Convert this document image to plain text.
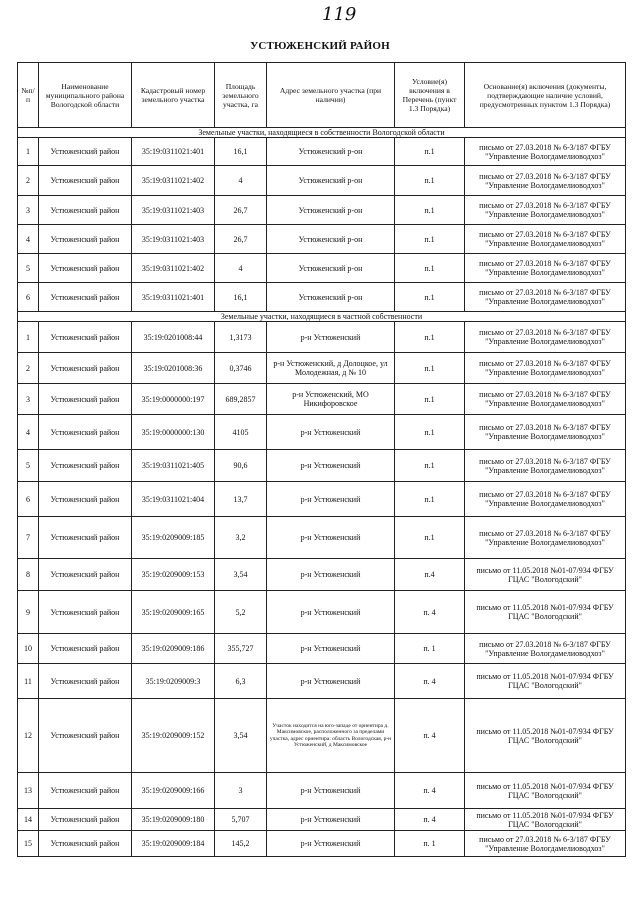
119
УСТЮЖЕНСКИЙ РАЙОН
№п/ п	Наименование муниципального района Вологодской области	Кадастровый номер земельного участка	Площадь земельного участка, га	Адрес земельного участка (при наличии)	Условие(я) включения в Перечень (пункт 1.3 Порядка)	Основание(я) включения (документы, подтверждающие наличие условий, предусмотренных пунктом 1.3 Порядка)
Земельные участки, находящиеся в собственности Вологодской области						
1	Устюженский район	35:19:0311021:401	16,1	Устюженский р-он	п.1	письмо от 27.03.2018 № 6-3/187 ФГБУ "Управление Вологдамелиоводхоз"
2	Устюженский район	35:19:0311021:402	4	Устюженский р-он	п.1	письмо от 27.03.2018 № 6-3/187 ФГБУ "Управление Вологдамелиоводхоз"
3	Устюженский район	35:19:0311021:403	26,7	Устюженский р-он	п.1	письмо от 27.03.2018 № 6-3/187 ФГБУ "Управление Вологдамелиоводхоз"
4	Устюженский район	35:19:0311021:403	26,7	Устюженский р-он	п.1	письмо от 27.03.2018 № 6-3/187 ФГБУ "Управление Вологдамелиоводхоз"
5	Устюженский район	35:19:0311021:402	4	Устюженский р-он	п.1	письмо от 27.03.2018 № 6-3/187 ФГБУ "Управление Вологдамелиоводхоз"
6	Устюженский район	35:19:0311021:401	16,1	Устюженский р-он	п.1	письмо от 27.03.2018 № 6-3/187 ФГБУ "Управление Вологдамелиоводхоз"
Земельные участки, находящиеся в частной собственности						
1	Устюженский район	35:19:0201008:44	1,3173	р-н Устюженский	п.1	письмо от 27.03.2018 № 6-3/187 ФГБУ "Управление Вологдамелиоводхоз"
2	Устюженский район	35:19:0201008:36	0,3746	р-н Устюженский, д Долоцкое, ул Молодежная, д № 10	п.1	письмо от 27.03.2018 № 6-3/187 ФГБУ "Управление Вологдамелиоводхоз"
3	Устюженский район	35:19:0000000:197	689,2857	р-н Устюженский, МО Никифоровское	п.1	письмо от 27.03.2018 № 6-3/187 ФГБУ "Управление Вологдамелиоводхоз"
4	Устюженский район	35:19:0000000:130	4105	р-н Устюженский	п.1	письмо от 27.03.2018 № 6-3/187 ФГБУ "Управление Вологдамелиоводхоз"
5	Устюженский район	35:19:0311021:405	90,6	р-н Устюженский	п.1	письмо от 27.03.2018 № 6-3/187 ФГБУ "Управление Вологдамелиоводхоз"
6	Устюженский район	35:19:0311021:404	13,7	р-н Устюженский	п.1	письмо от 27.03.2018 № 6-3/187 ФГБУ "Управление Вологдамелиоводхоз"
7	Устюженский район	35:19:0209009:185	3,2	р-н Устюженский	п.1	письмо от 27.03.2018 № 6-3/187 ФГБУ "Управление Вологдамелиоводхоз"
8	Устюженский район	35:19:0209009:153	3,54	р-н Устюженский	п.4	письмо от 11.05.2018 №01-07/934 ФГБУ ГЦАС "Вологодский"
9	Устюженский район	35:19:0209009:165	5,2	р-н Устюженский	п. 4	письмо от 11.05.2018 №01-07/934 ФГБУ ГЦАС "Вологодский"
10	Устюженский район	35:19:0209009:186	355,727	р-н Устюженский	п. 1	письмо от 27.03.2018 № 6-3/187 ФГБУ "Управление Вологдамелиоводхоз"
11	Устюженский район	35:19:0209009:3	6,3	р-н Устюженский	п. 4	письмо от 11.05.2018 №01-07/934 ФГБУ ГЦАС "Вологодский"
12	Устюженский район	35:19:0209009:152	3,54	Участок находится на юго-западе от ориентира д. Максимовское, расположенного за пределами участка, адрес ориентира: область Вологодская, р-н Устюженский, д Максимовское	п. 4	письмо от 11.05.2018 №01-07/934 ФГБУ ГЦАС "Вологодский"
13	Устюженский район	35:19:0209009:166	3	р-н Устюженский	п. 4	письмо от 11.05.2018 №01-07/934 ФГБУ ГЦАС "Вологодский"
14	Устюженский район	35:19:0209009:180	5,707	р-н Устюженский	п. 4	письмо от 11.05.2018 №01-07/934 ФГБУ ГЦАС "Вологодский"
15	Устюженский район	35:19:0209009:184	145,2	р-н Устюженский	п. 1	письмо от 27.03.2018 № 6-3/187 ФГБУ "Управление Вологдамелиоводхоз"
